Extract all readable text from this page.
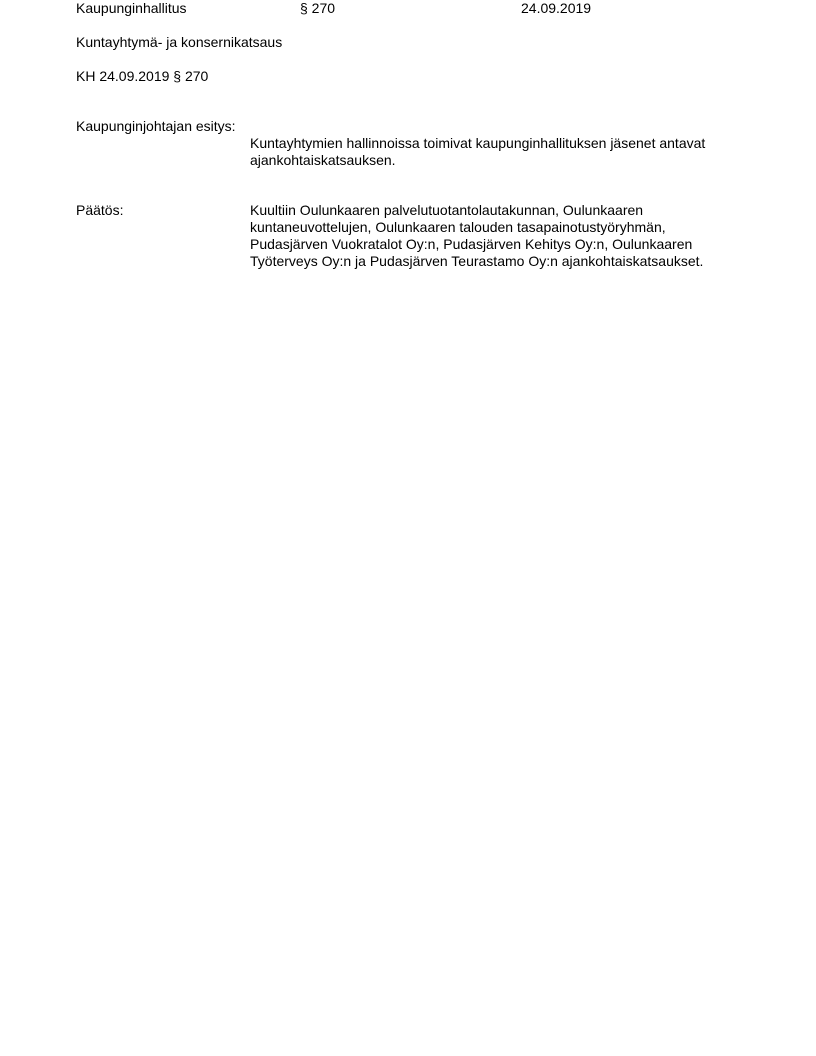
Kaupunginhallitus	§ 270	24.09.2019
Kuntayhtymä- ja konsernikatsaus
KH 24.09.2019 § 270
Kaupunginjohtajan esitys:
Kuntayhtymien hallinnoissa toimivat kaupunginhallituksen jäsenet antavat
ajankohtaiskatsauksen.
Päätös:	Kuultiin Oulunkaaren palvelutuotantolautakunnan, Oulunkaaren
kuntaneuvottelujen, Oulunkaaren talouden tasapainotustyöryhmän,
Pudasjärven Vuokratalot Oy:n, Pudasjärven Kehitys Oy:n, Oulunkaaren
Työterveys Oy:n ja Pudasjärven Teurastamo Oy:n ajankohtaiskatsaukset.
